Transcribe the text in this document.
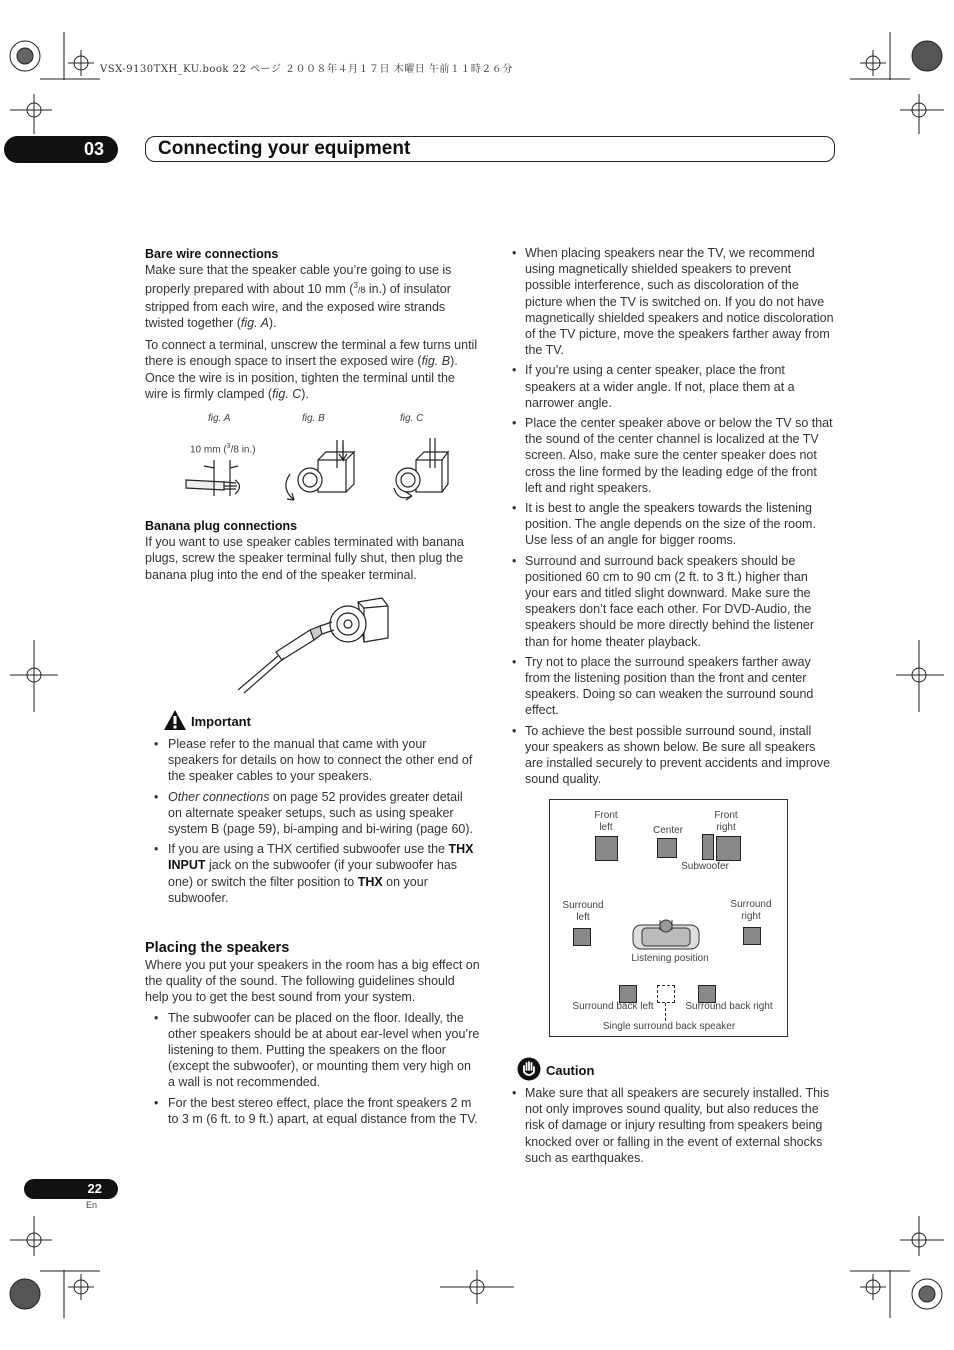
VSX-9130TXH_KU.book 22 ページ ２００８年４月１７日 木曜日 午前１１時２６分
03	Connecting your equipment
Bare wire connections

Make sure that the speaker cable you’re going to use is properly prepared with about 10 mm ($^3$/8 in.) of insulator stripped from each wire, and the exposed wire strands twisted together (fig. A).

To connect a terminal, unscrew the terminal a few turns until there is enough space to insert the exposed wire (fig. B). Once the wire is in position, tighten the terminal until the wire is firmly clamped (fig. C).

fig. A	fig. B	fig. C
10 mm ($^3$/8 in.)
Banana plug connections

If you want to use speaker cables terminated with banana plugs, screw the speaker terminal fully shut, then plug the banana plug into the end of the speaker terminal.

Important
• Please refer to the manual that came with your speakers for details on how to connect the other end of the speaker cables to your speakers.
• Other connections on page 52 provides greater detail on alternate speaker setups, such as using speaker system B (page 59), bi-amping and bi-wiring (page 60).
• If you are using a THX certified subwoofer use the THX INPUT jack on the subwoofer (if your subwoofer has one) or switch the filter position to THX on your subwoofer.
Placing the speakers

Where you put your speakers in the room has a big effect on the quality of the sound. The following guidelines should help you to get the best sound from your system.

• The subwoofer can be placed on the floor. Ideally, the other speakers should be at about ear-level when you’re listening to them. Putting the speakers on the floor (except the subwoofer), or mounting them very high on a wall is not recommended.
• For the best stereo effect, place the front speakers 2 m to 3 m (6 ft. to 9 ft.) apart, at equal distance from the TV.
• When placing speakers near the TV, we recommend using magnetically shielded speakers to prevent possible interference, such as discoloration of the picture when the TV is switched on. If you do not have magnetically shielded speakers and notice discoloration of the TV picture, move the speakers farther away from the TV.
• If you’re using a center speaker, place the front speakers at a wider angle. If not, place them at a narrower angle.
• Place the center speaker above or below the TV so that the sound of the center channel is localized at the TV screen. Also, make sure the center speaker does not cross the line formed by the leading edge of the front left and right speakers.
• It is best to angle the speakers towards the listening position. The angle depends on the size of the room. Use less of an angle for bigger rooms.
• Surround and surround back speakers should be positioned 60 cm to 90 cm (2 ft. to 3 ft.) higher than your ears and titled slight downward. Make sure the speakers don’t face each other. For DVD-Audio, the speakers should be more directly behind the listener than for home theater playback.
• Try not to place the surround speakers farther away from the listening position than the front and center speakers. Doing so can weaken the surround sound effect.
• To achieve the best possible surround sound, install your speakers as shown below. Be sure all speakers are installed securely to prevent accidents and improve sound quality.
Front
left	Center
Front
right
Subwoofer
Surround
left
Surround
right
Listening position
Surround back left	Surround back right
Single surround back speaker
Caution
• Make sure that all speakers are securely installed. This not only improves sound quality, but also reduces the risk of damage or injury resulting from speakers being knocked over or falling in the event of external shocks such as earthquakes.
22
En
